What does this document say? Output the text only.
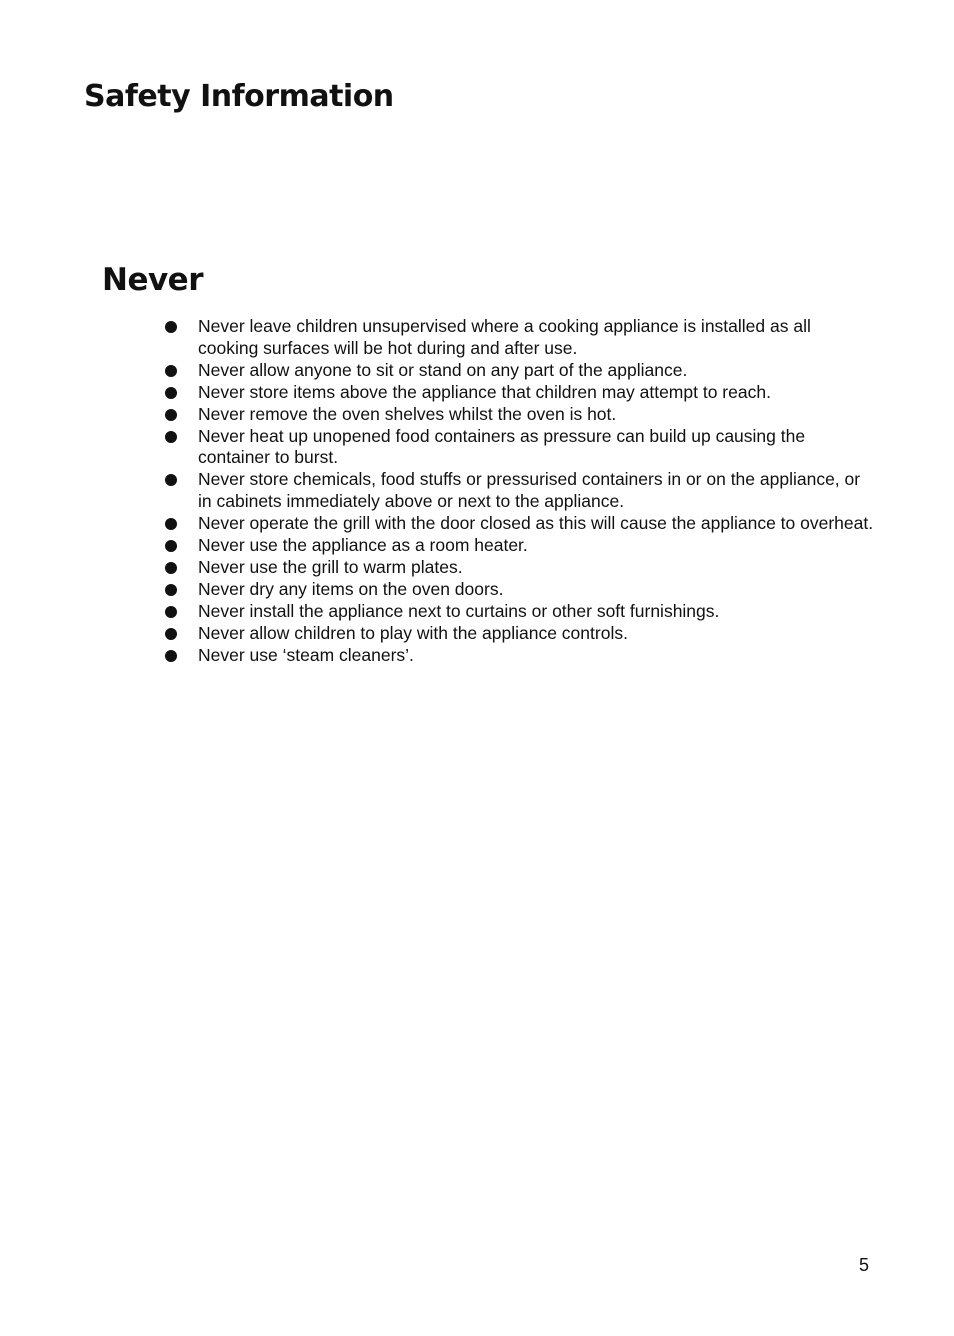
Safety Information
Never
Never leave children unsupervised where a cooking appliance is installed as all cooking surfaces will be hot during and after use.
Never allow anyone to sit or stand on any part of the appliance.
Never store items above the appliance that children may attempt to reach.
Never remove the oven shelves whilst the oven is hot.
Never heat up unopened food containers as pressure can build up causing the container to burst.
Never store chemicals, food stuffs or pressurised containers in or on the appliance, or in cabinets immediately above or next to the appliance.
Never operate the grill with the door closed as this will cause the appliance to overheat.
Never use the appliance as a room heater.
Never use the grill to warm plates.
Never dry any items on the oven doors.
Never install the appliance next to curtains or other soft furnishings.
Never allow children to play with the appliance controls.
Never use ‘steam cleaners’.
5
